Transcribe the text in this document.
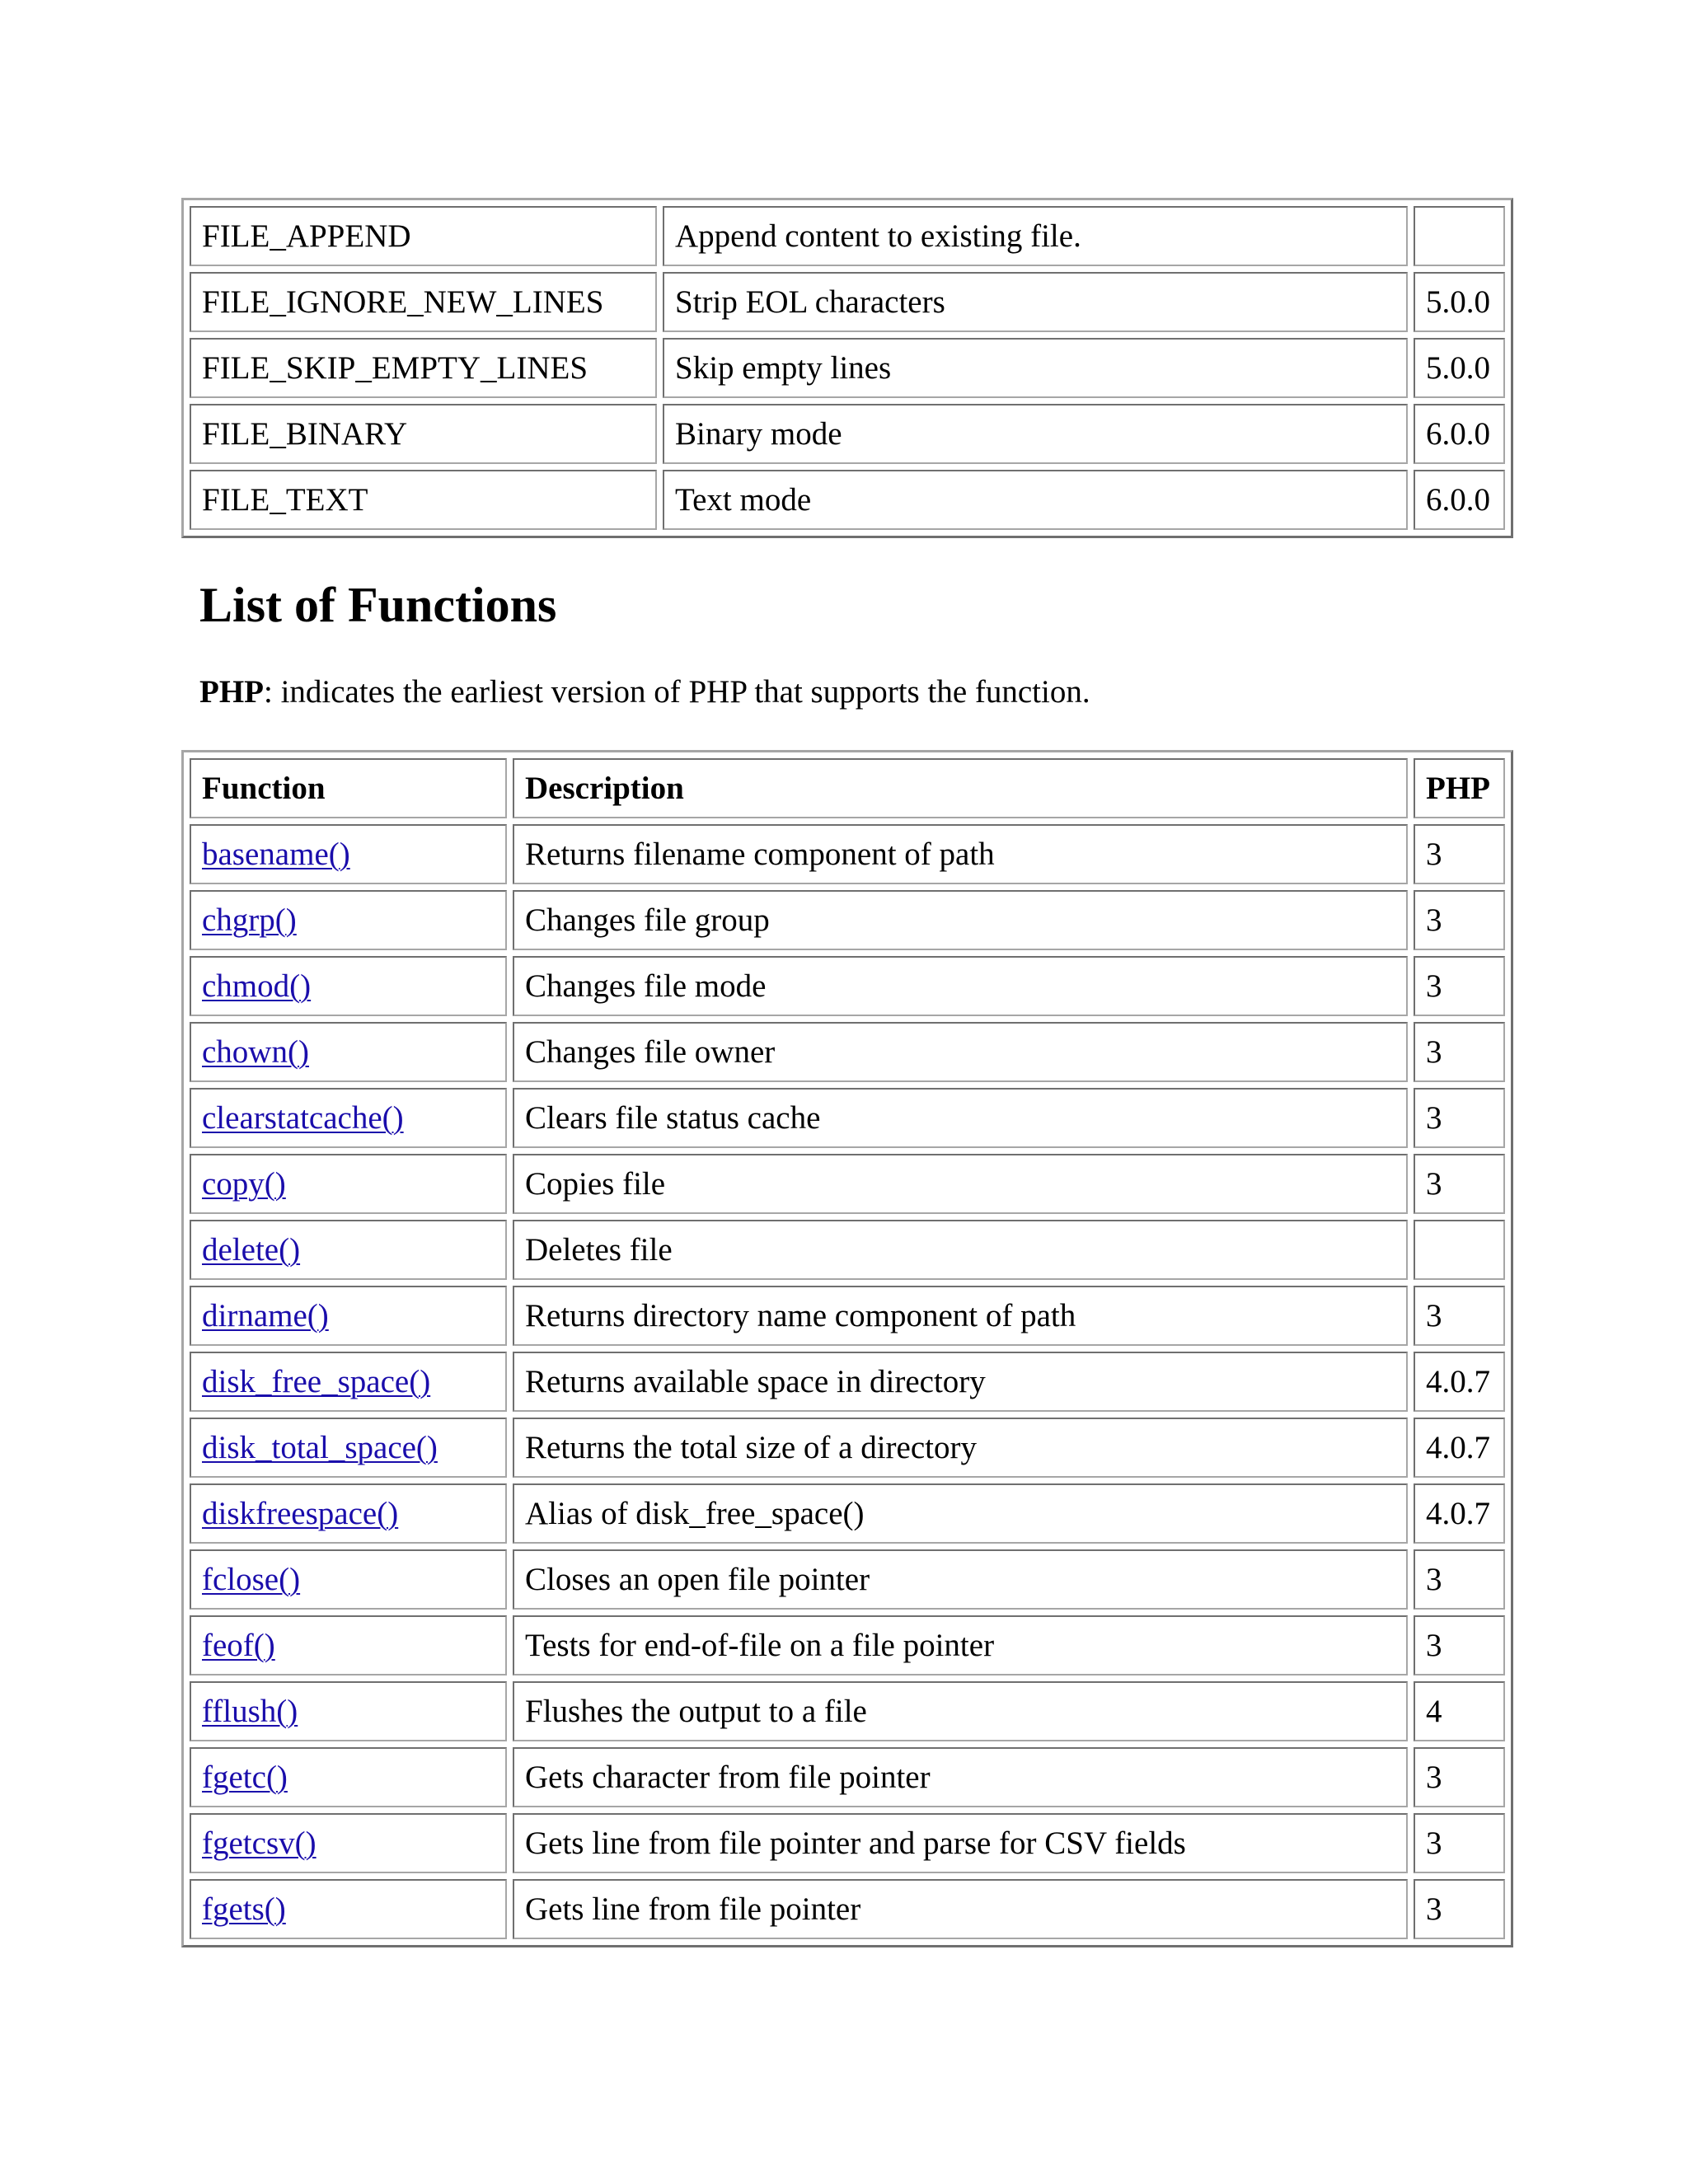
FILE_APPEND	Append content to existing file.	
FILE_IGNORE_NEW_LINES	Strip EOL characters	5.0.0
FILE_SKIP_EMPTY_LINES	Skip empty lines	5.0.0
FILE_BINARY	Binary mode	6.0.0
FILE_TEXT	Text mode	6.0.0
List of Functions

PHP: indicates the earliest version of PHP that supports the function.

Function	Description	PHP
basename()	Returns filename component of path	3
chgrp()	Changes file group	3
chmod()	Changes file mode	3
chown()	Changes file owner	3
clearstatcache()	Clears file status cache	3
copy()	Copies file	3
delete()	Deletes file	
dirname()	Returns directory name component of path	3
disk_free_space()	Returns available space in directory	4.0.7
disk_total_space()	Returns the total size of a directory	4.0.7
diskfreespace()	Alias of disk_free_space()	4.0.7
fclose()	Closes an open file pointer	3
feof()	Tests for end-of-file on a file pointer	3
fflush()	Flushes the output to a file	4
fgetc()	Gets character from file pointer	3
fgetcsv()	Gets line from file pointer and parse for CSV fields	3
fgets()	Gets line from file pointer	3
